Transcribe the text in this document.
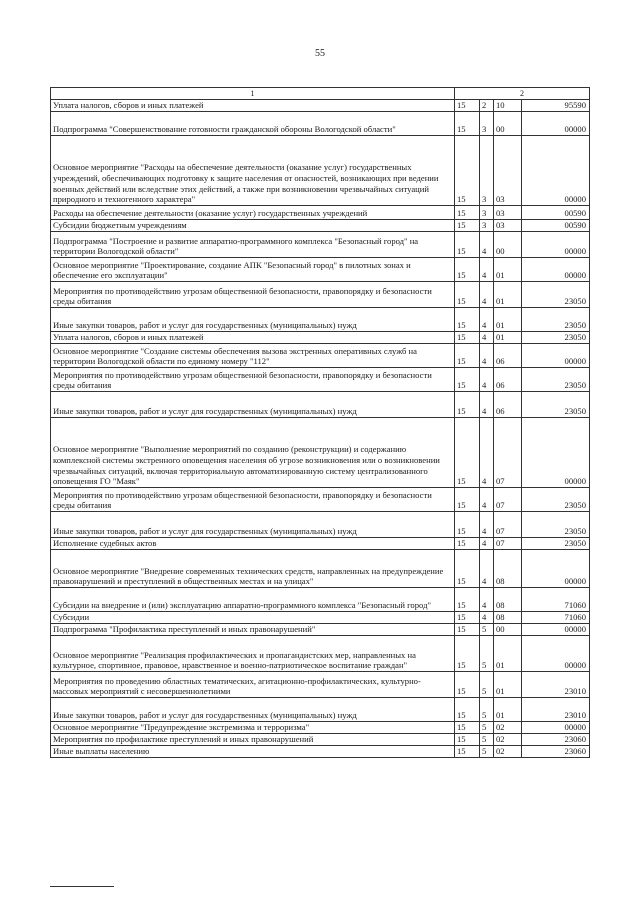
55
1	2			
Уплата налогов, сборов и иных платежей	15	2	10	95590
Подпрограмма "Совершенствование готовности гражданской обороны Вологодской области"	15	3	00	00000
Основное мероприятие "Расходы на обеспечение деятельности (оказание услуг) государственных учреждений, обеспечивающих подготовку к защите населения от опасностей, возникающих при ведении военных действий или вследствие этих действий, а также при возникновении чрезвычайных ситуаций природного и техногенного характера"	15	3	03	00000
Расходы на обеспечение деятельности (оказание услуг) государственных учреждений	15	3	03	00590
Субсидии бюджетным учреждениям	15	3	03	00590
Подпрограмма "Построение и развитие аппаратно-программного комплекса "Безопасный город" на территории Вологодской области"	15	4	00	00000
Основное мероприятие "Проектирование, создание АПК "Безопасный город" в пилотных зонах и обеспечение его эксплуатации"	15	4	01	00000
Мероприятия по противодействию угрозам общественной безопасности, правопорядку и безопасности среды обитания	15	4	01	23050
Иные закупки товаров, работ и услуг для государственных (муниципальных) нужд	15	4	01	23050
Уплата налогов, сборов и иных платежей	15	4	01	23050
Основное мероприятие "Создание системы обеспечения вызова экстренных оперативных служб на территории Вологодской области по единому номеру "112"	15	4	06	00000
Мероприятия по противодействию угрозам общественной безопасности, правопорядку и безопасности среды обитания	15	4	06	23050
Иные закупки товаров, работ и услуг для государственных (муниципальных) нужд	15	4	06	23050
Основное мероприятие "Выполнение мероприятий по созданию (реконструкции) и содержанию комплексной системы экстренного оповещения населения об угрозе возникновения или о возникновении чрезвычайных ситуаций, включая территориальную автоматизированную систему централизованного оповещения ГО "Маяк"	15	4	07	00000
Мероприятия по противодействию угрозам общественной безопасности, правопорядку и безопасности среды обитания	15	4	07	23050
Иные закупки товаров, работ и услуг для государственных (муниципальных) нужд	15	4	07	23050
Исполнение судебных актов	15	4	07	23050
Основное мероприятие "Внедрение современных технических средств, направленных на предупреждение правонарушений и преступлений в общественных местах и на улицах"	15	4	08	00000
Субсидии на внедрение и (или) эксплуатацию аппаратно-программного комплекса "Безопасный город"	15	4	08	71060
Субсидии	15	4	08	71060
Подпрограмма "Профилактика преступлений и иных правонарушений"	15	5	00	00000
Основное мероприятие "Реализация профилактических и пропагандистских мер, направленных на культурное, спортивное, правовое, нравственное и военно-патриотическое воспитание граждан"	15	5	01	00000
Мероприятия по проведению областных тематических, агитационно-профилактических, культурно-массовых мероприятий с несовершеннолетними	15	5	01	23010
Иные закупки товаров, работ и услуг для государственных (муниципальных) нужд	15	5	01	23010
Основное мероприятие "Предупреждение экстремизма и терроризма"	15	5	02	00000
Мероприятия по профилактике преступлений и иных правонарушений	15	5	02	23060
Иные выплаты населению	15	5	02	23060
